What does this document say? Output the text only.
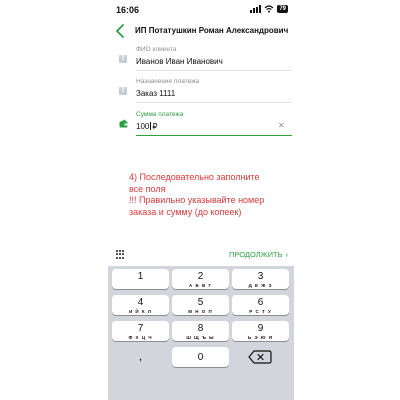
16:06	79
ИП Потатушкин Роман Александрович
T
ФИО клиента
Иванов Иван Иванович
T
Назначение платежа
Заказ 1111
Сумма платежа
100 ₽	✕
4) Последовательно заполните
все поля
!!! Правильно указывайте номер
заказа и сумму (до копеек)
ПРОДОЛЖИТЬ ›
1	2
А Б В Г
3
Д Е Ж З
4
И Й К Л
5
М Н О П
6
Р С Т У
7
Ф Х Ц Ч
8
Ш Щ Ъ Ы
9
Ь Э Ю Я
,	0
